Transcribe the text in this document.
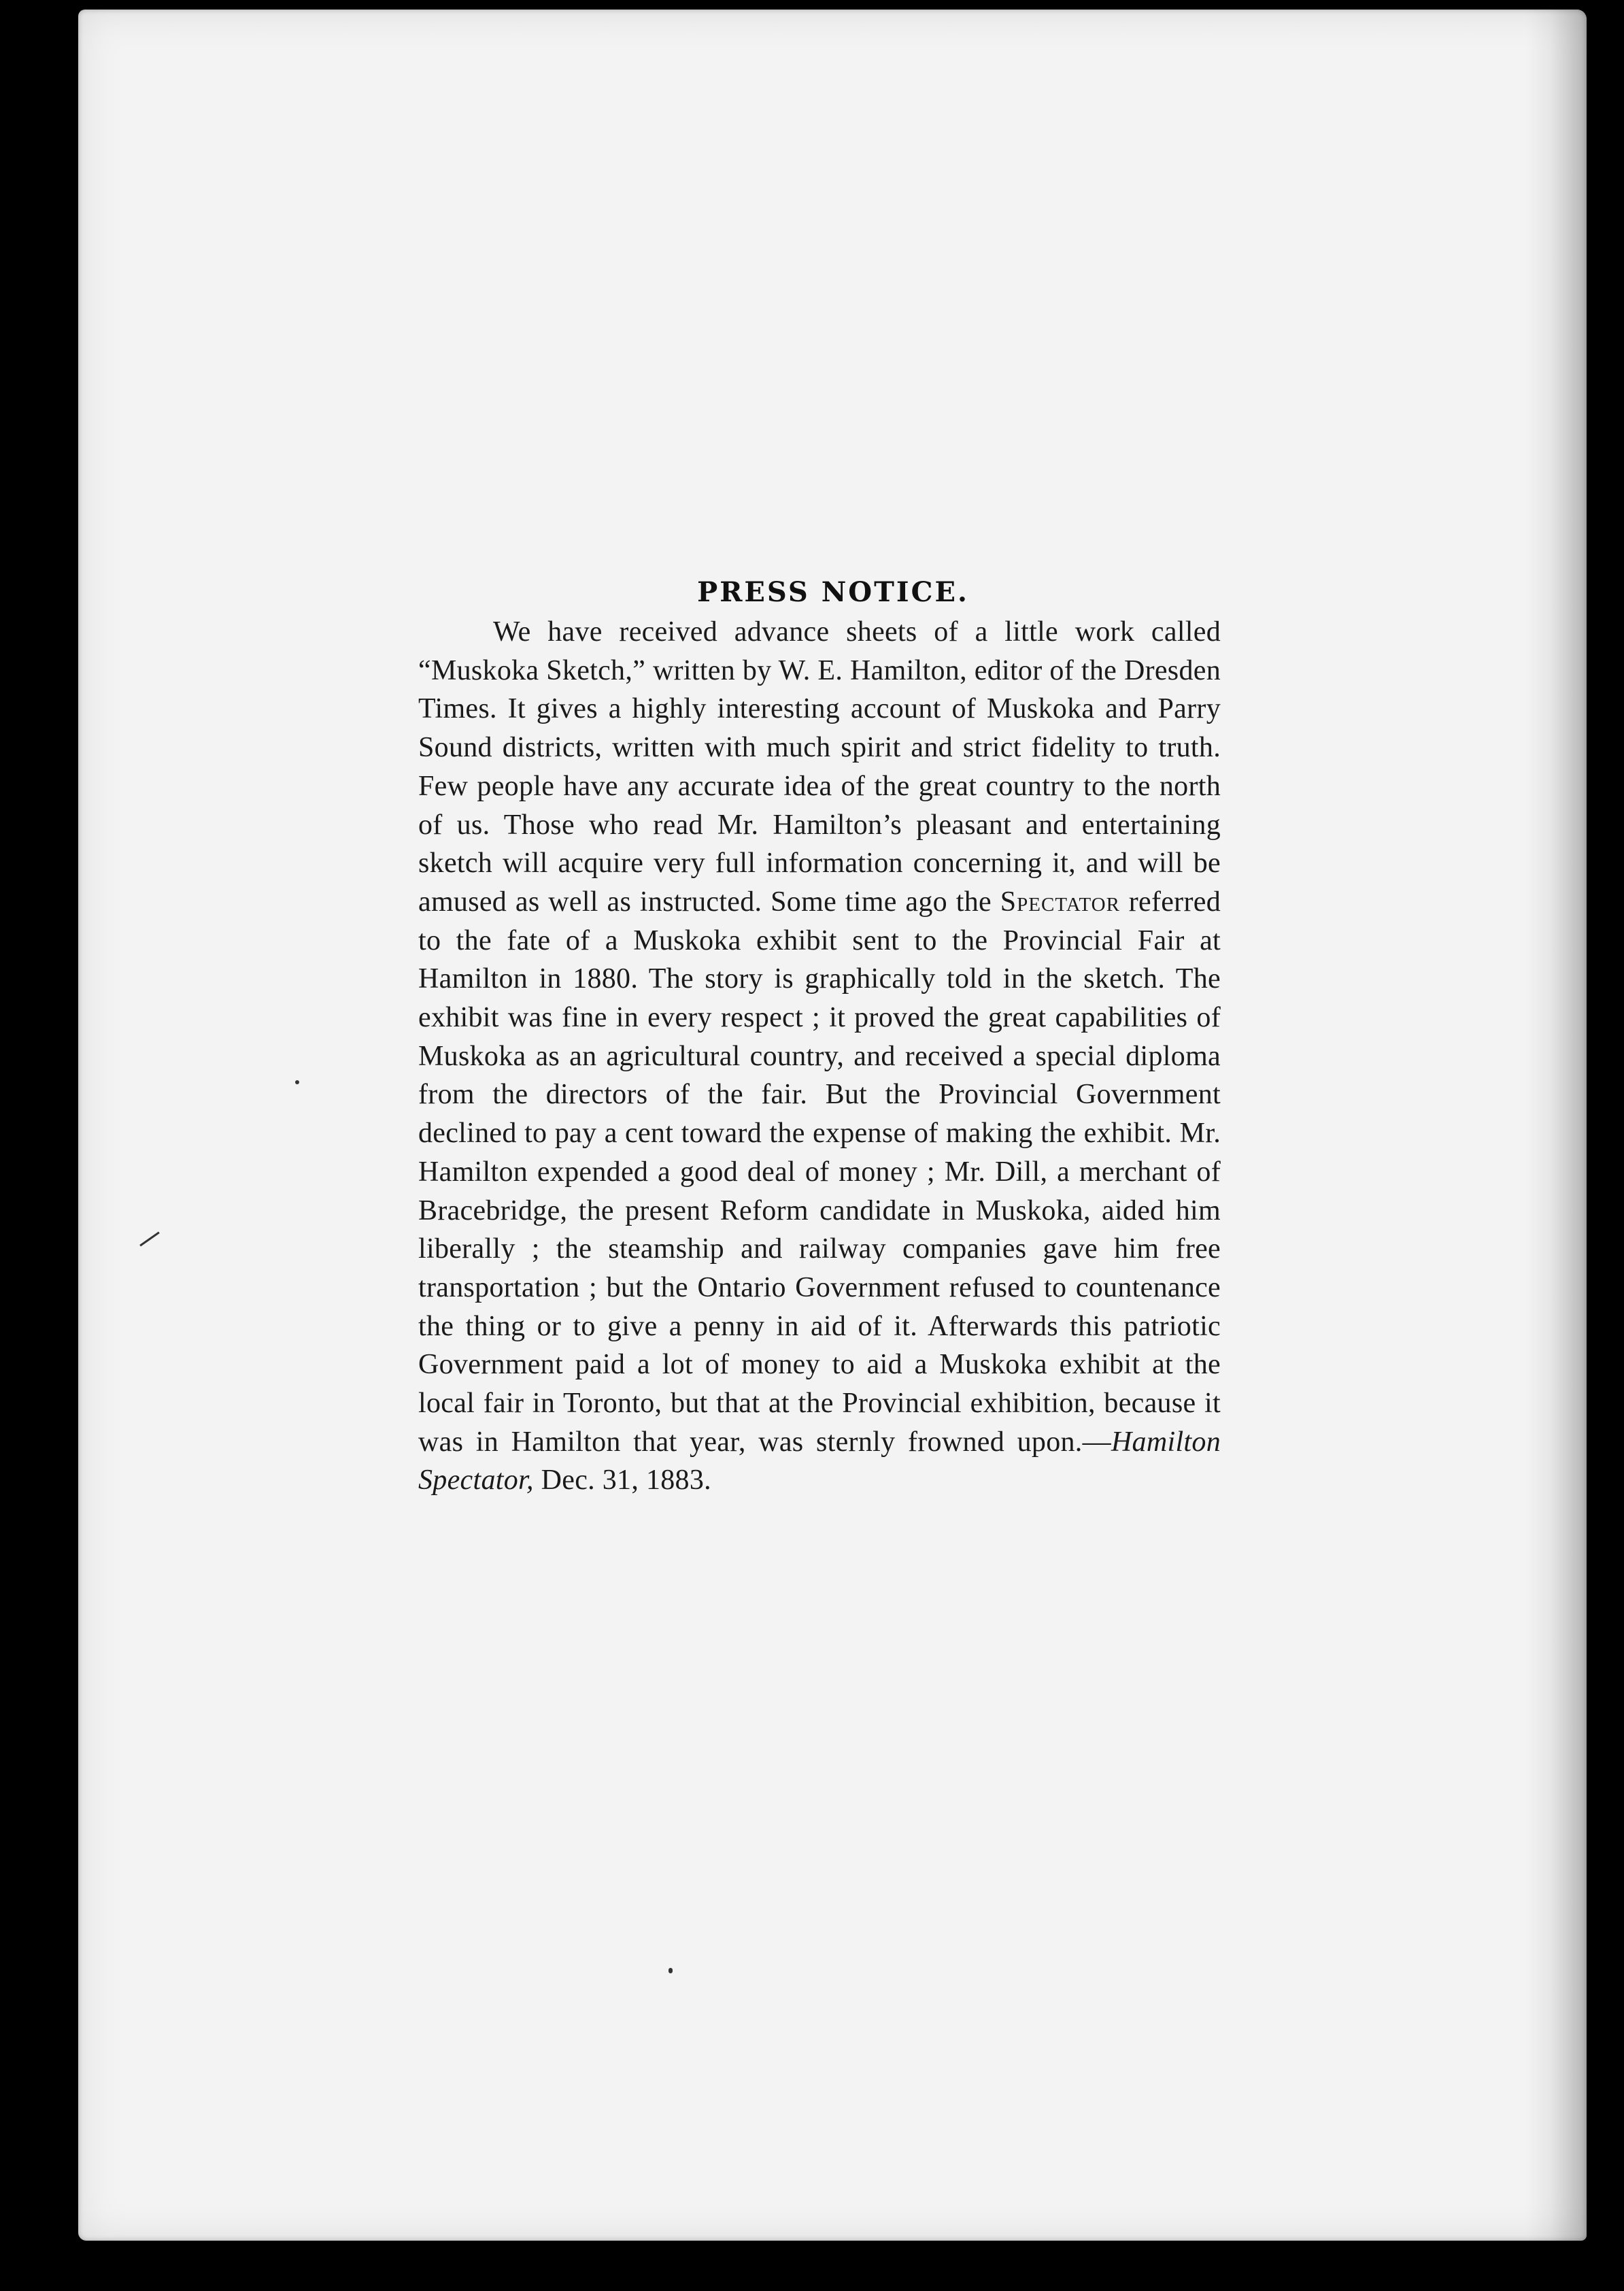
PRESS NOTICE.

We have received advance sheets of a little work called “Muskoka Sketch,” written by W. E. Hamilton, editor of the Dresden Times. It gives a highly interesting account of Muskoka and Parry Sound districts, written with much spirit and strict fidelity to truth. Few people have any accurate idea of the great country to the north of us. Those who read Mr. Hamilton’s pleasant and entertaining sketch will acquire very full information concerning it, and will be amused as well as instructed. Some time ago the Spectator referred to the fate of a Muskoka exhibit sent to the Provincial Fair at Hamilton in 1880. The story is graphically told in the sketch. The exhibit was fine in every respect ; it proved the great capabilities of Muskoka as an agricultural country, and received a special diploma from the directors of the fair. But the Provincial Government declined to pay a cent toward the expense of making the exhibit. Mr. Hamilton expended a good deal of money ; Mr. Dill, a merchant of Bracebridge, the present Reform candidate in Muskoka, aided him liberally ; the steamship and railway companies gave him free transportation ; but the Ontario Government refused to countenance the thing or to give a penny in aid of it. Afterwards this patriotic Government paid a lot of money to aid a Muskoka exhibit at the local fair in Toronto, but that at the Provincial exhibition, because it was in Hamilton that year, was sternly frowned upon.—Hamilton Spectator, Dec. 31, 1883.
